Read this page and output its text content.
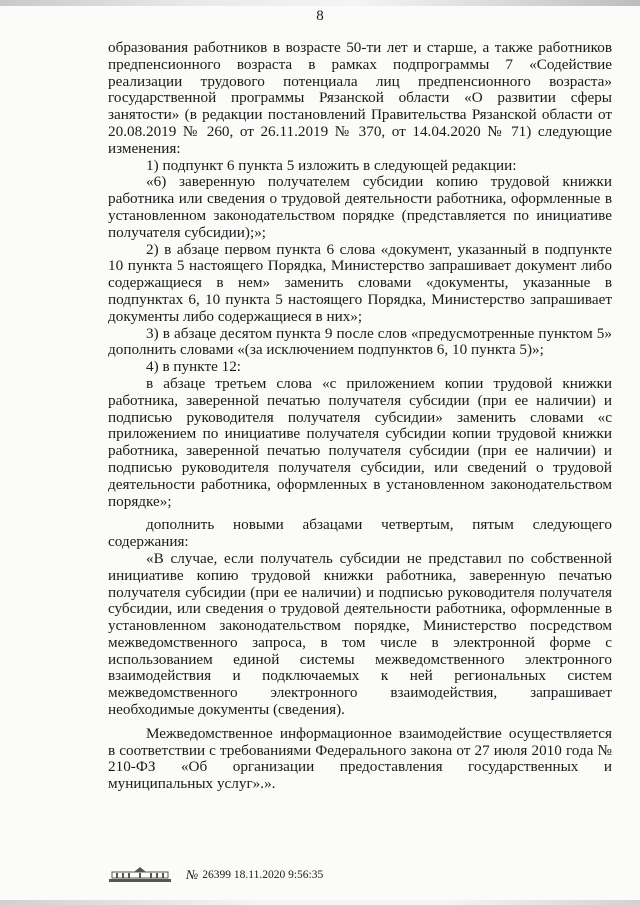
8

образования работников в возрасте 50-ти лет и старше, а также работников предпенсионного возраста в рамках подпрограммы 7 «Содействие реализации трудового потенциала лиц предпенсионного возраста» государственной программы Рязанской области «О развитии сферы занятости» (в редакции постановлений Правительства Рязанской области от 20.08.2019 № 260, от 26.11.2019 № 370, от 14.04.2020 № 71) следующие изменения:

1) подпункт 6 пункта 5 изложить в следующей редакции:

«6) заверенную получателем субсидии копию трудовой книжки работника или сведения о трудовой деятельности работника, оформленные в установленном законодательством порядке (представляется по инициативе получателя субсидии);»;

2) в абзаце первом пункта 6 слова «документ, указанный в подпункте 10 пункта 5 настоящего Порядка, Министерство запрашивает документ либо содержащиеся в нем» заменить словами «документы, указанные в подпунктах 6, 10 пункта 5 настоящего Порядка, Министерство запрашивает документы либо содержащиеся в них»;

3) в абзаце десятом пункта 9 после слов «предусмотренные пунктом 5» дополнить словами «(за исключением подпунктов 6, 10 пункта 5)»;

4) в пункте 12:

в абзаце третьем слова «с приложением копии трудовой книжки работника, заверенной печатью получателя субсидии (при ее наличии) и подписью руководителя получателя субсидии» заменить словами «с приложением по инициативе получателя субсидии копии трудовой книжки работника, заверенной печатью получателя субсидии (при ее наличии) и подписью руководителя получателя субсидии, или сведений о трудовой деятельности работника, оформленных в установленном законодательством порядке»;

дополнить новыми абзацами четвертым, пятым следующего содержания:

«В случае, если получатель субсидии не представил по собственной инициативе копию трудовой книжки работника, заверенную печатью получателя субсидии (при ее наличии) и подписью руководителя получателя субсидии, или сведения о трудовой деятельности работника, оформленные в установленном законодательством порядке, Министерство посредством межведомственного запроса, в том числе в электронной форме с использованием единой системы межведомственного электронного взаимодействия и подключаемых к ней региональных систем межведомственного электронного взаимодействия, запрашивает необходимые документы (сведения).

Межведомственное информационное взаимодействие осуществляется в соответствии с требованиями Федерального закона от 27 июля 2010 года № 210-ФЗ «Об организации предоставления государственных и муниципальных услуг».».

№ 26399 18.11.2020 9:56:35
